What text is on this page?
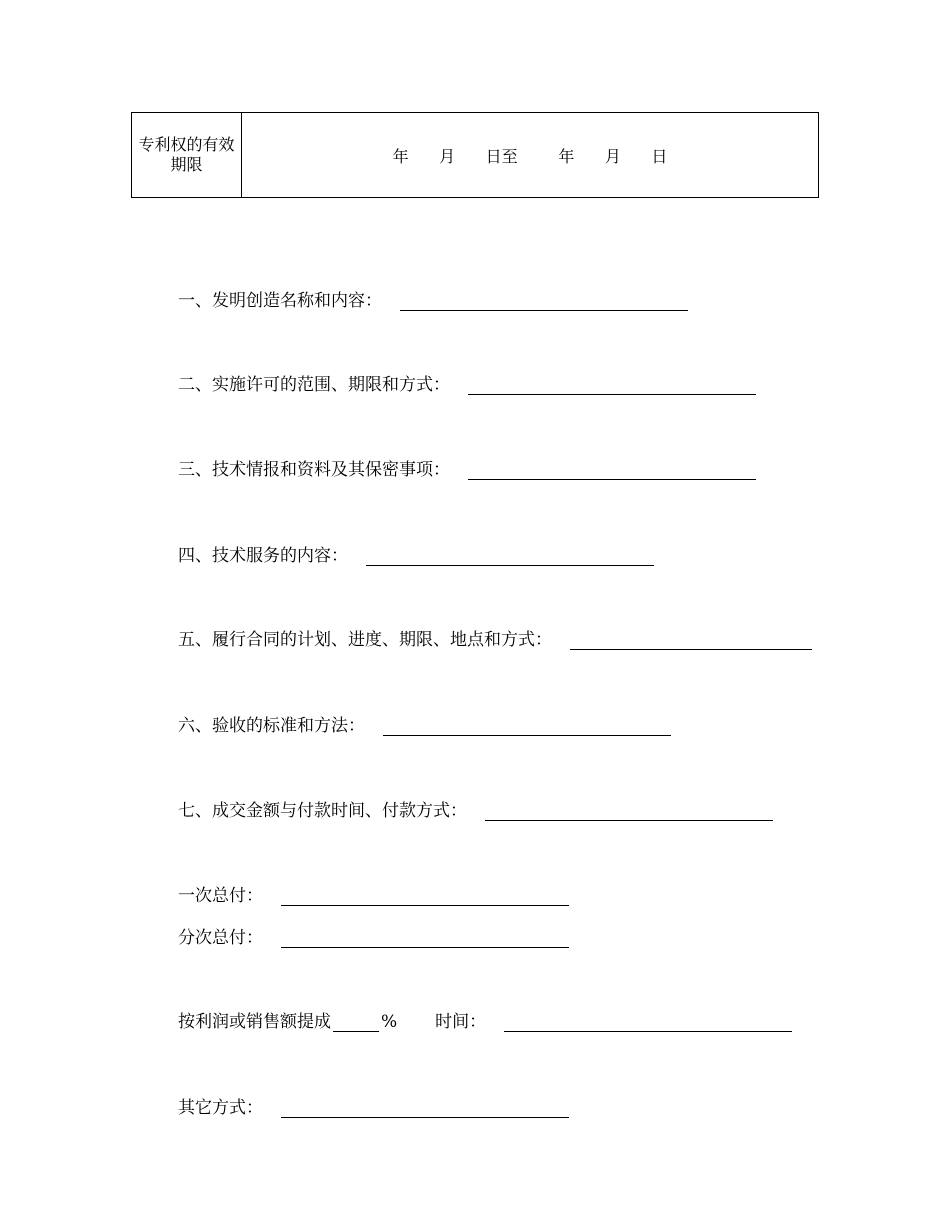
专利权的有效期限	年      月      日至        年      月      日
一、发明创造名称和内容：
二、实施许可的范围、期限和方式：
三、技术情报和资料及其保密事项：
四、技术服务的内容：
五、履行合同的计划、进度、期限、地点和方式：
六、验收的标准和方法：
七、成交金额与付款时间、付款方式：
一次总付：
分次总付：
按利润或销售额提成	% 时间：
其它方式：
